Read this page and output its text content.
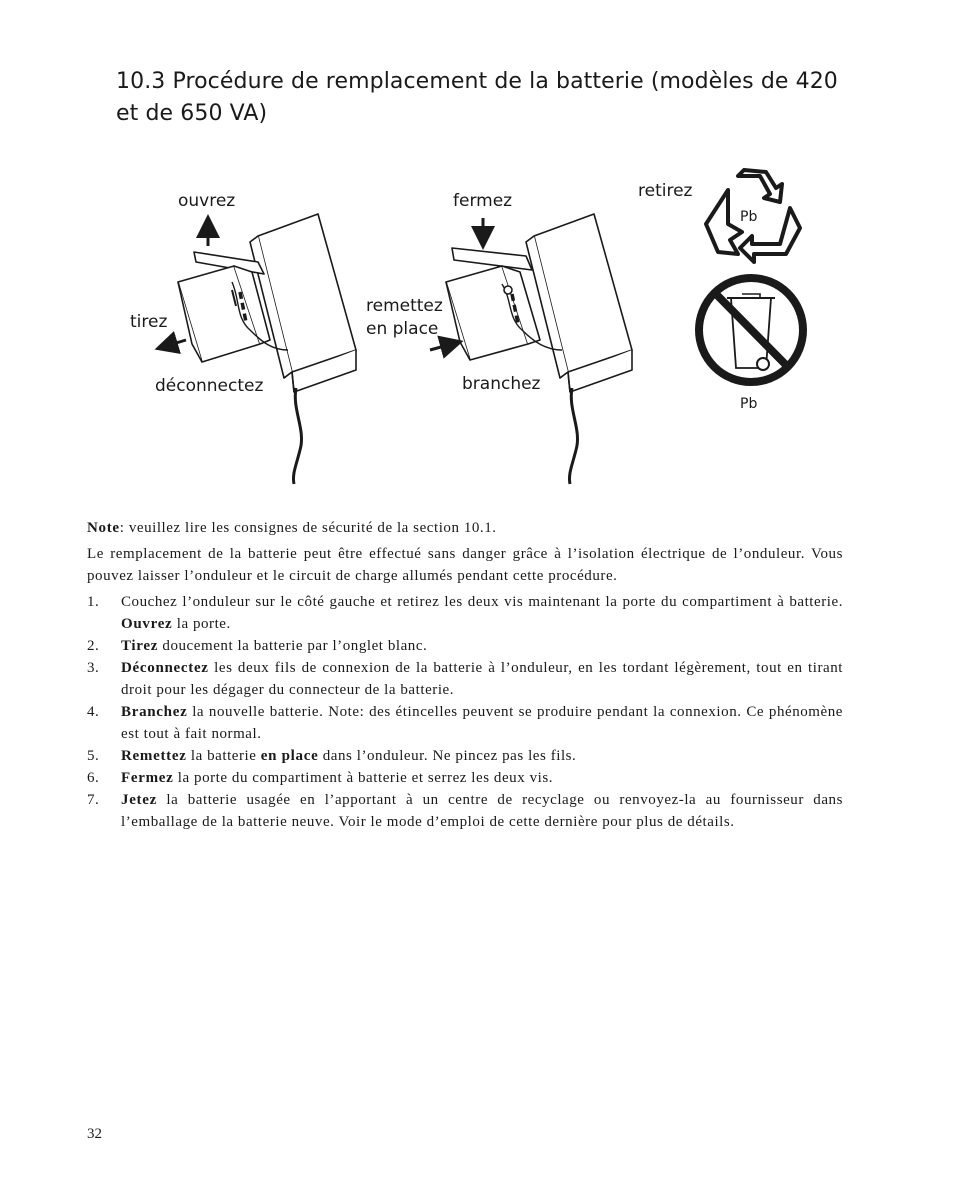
10.3 Procédure de remplacement de la batterie (modèles de 420
et de 650 VA)
ouvrez
tirez
déconnectez
fermez
remettez
en place
branchez
retirez
Pb
Pb

Note: veuillez lire les consignes de sécurité de la section 10.1.

Le remplacement de la batterie peut être effectué sans danger grâce à l’isolation électrique de l’onduleur. Vous pouvez laisser l’onduleur et le circuit de charge allumés pendant cette procédure.

1. Couchez l’onduleur sur le côté gauche et retirez les deux vis maintenant la porte du compartiment à batterie. Ouvrez la porte.
2. Tirez doucement la batterie par l’onglet blanc.
3. Déconnectez les deux fils de connexion de la batterie à l’onduleur, en les tordant légèrement, tout en tirant droit pour les dégager du connecteur de la batterie.
4. Branchez la nouvelle batterie. Note: des étincelles peuvent se produire pendant la connexion. Ce phénomène est tout à fait normal.
5. Remettez la batterie en place dans l’onduleur. Ne pincez pas les fils.
6. Fermez la porte du compartiment à batterie et serrez les deux vis.
7. Jetez la batterie usagée en l’apportant à un centre de recyclage ou renvoyez-la au fournisseur dans l’emballage de la batterie neuve. Voir le mode d’emploi de cette dernière pour plus de détails.
32
